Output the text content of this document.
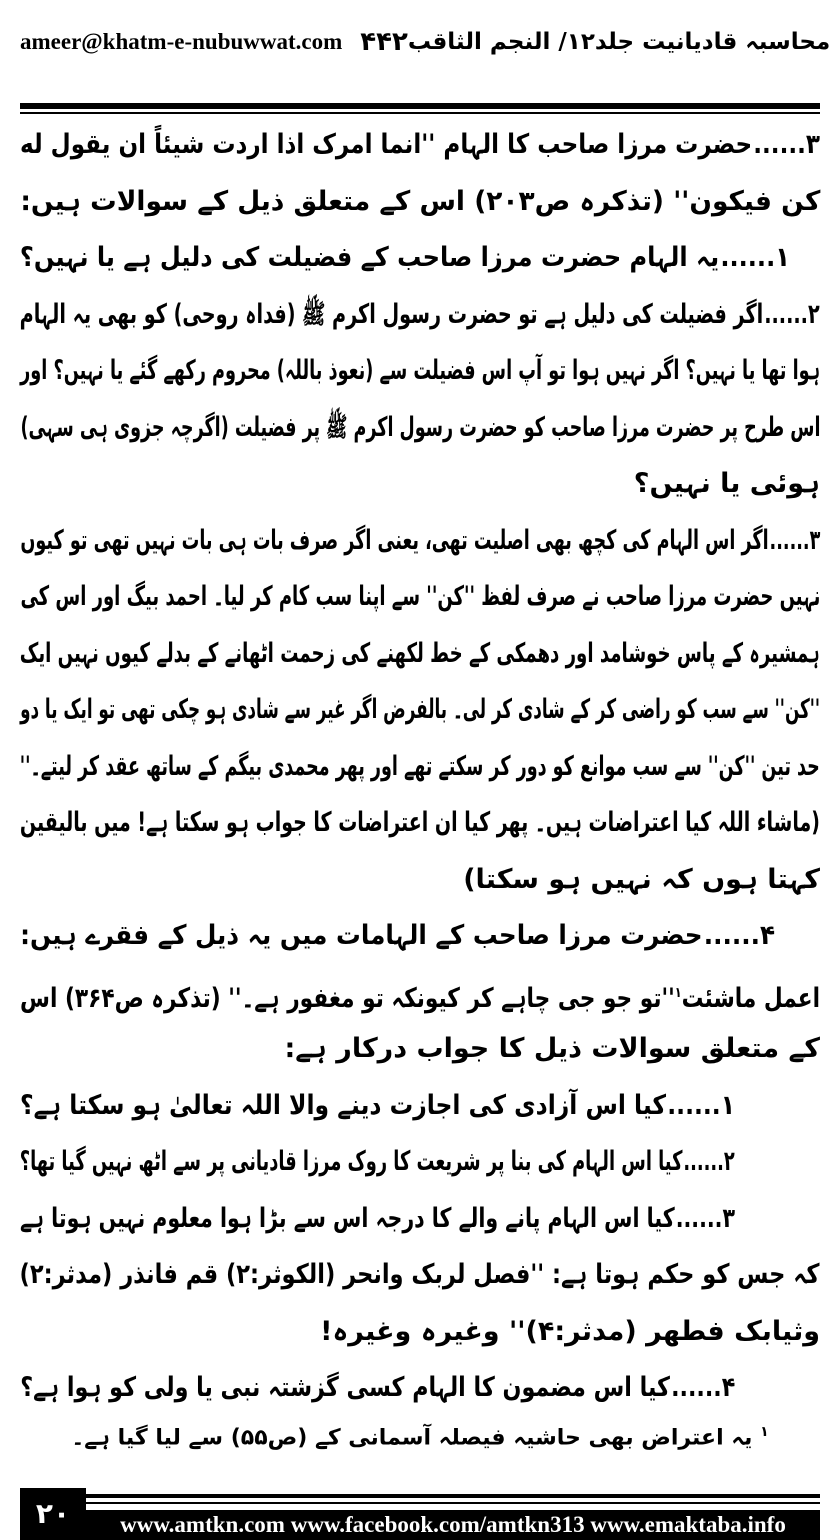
ameer@khatm-e-nubuwwat.com ۴۴۲ محاسبہ قادیانیت جلد۱۲/ النجم الثاقب
۳...... حضرت مرزا صاحب کا الہام ''انما امرک اذا اردت شیئاً ان یقول له
کن فیکون'' (تذکرہ ص۲۰۳) اس کے متعلق ذیل کے سوالات ہیں:
۱...... یہ الہام حضرت مرزا صاحب کے فضیلت کی دلیل ہے یا نہیں؟
۲...... اگر فضیلت کی دلیل ہے تو حضرت رسول اکرم ﷺ (فداہ روحی) کو بھی یہ الہام
ہوا تھا یا نہیں؟ اگر نہیں ہوا تو آپ اس فضیلت سے (نعوذ باللہ) محروم رکھے گئے یا نہیں؟ اور
اس طرح پر حضرت مرزا صاحب کو حضرت رسول اکرم ﷺ پر فضیلت (اگرچہ جزوی ہی سہی)
ہوئی یا نہیں؟
۳...... اگر اس الہام کی کچھ بھی اصلیت تھی، یعنی اگر صرف بات ہی بات نہیں تھی تو کیوں
نہیں حضرت مرزا صاحب نے صرف لفظ ''کن'' سے اپنا سب کام کر لیا۔ احمد بیگ اور اس کی
ہمشیرہ کے پاس خوشامد اور دھمکی کے خط لکھنے کی زحمت اٹھانے کے بدلے کیوں نہیں ایک
''کن'' سے سب کو راضی کر کے شادی کر لی۔ بالفرض اگر غیر سے شادی ہو چکی تھی تو ایک یا دو
حد تین ''کن'' سے سب موانع کو دور کر سکتے تھے اور پھر محمدی بیگم کے ساتھ عقد کر لیتے۔''
(ماشاء اللہ کیا اعتراضات ہیں۔ پھر کیا ان اعتراضات کا جواب ہو سکتا ہے! میں بالیقین
کہتا ہوں کہ نہیں ہو سکتا)
۴...... حضرت مرزا صاحب کے الہامات میں یہ ذیل کے فقرے ہیں:
اعمل ماشئت$^۱$''تو جو جی چاہے کر کیونکہ تو مغفور ہے۔'' (تذکرہ ص۳۶۴) اس
کے متعلق سوالات ذیل کا جواب درکار ہے:
۱...... کیا اس آزادی کی اجازت دینے والا اللہ تعالیٰ ہو سکتا ہے؟
۲...... کیا اس الہام کی بنا پر شریعت کا روک مرزا قادیانی پر سے اٹھ نہیں گیا تھا؟
۳...... کیا اس الہام پانے والے کا درجہ اس سے بڑا ہوا معلوم نہیں ہوتا ہے
کہ جس کو حکم ہوتا ہے: ''فصل لربک وانحر (الکوثر:۲) قم فانذر (مدثر:۲)
وثیابک فطهر (مدثر:۴)'' وغیرہ وغیرہ!
۴...... کیا اس مضمون کا الہام کسی گزشتہ نبی یا ولی کو ہوا ہے؟
$^۱$ یہ اعتراض بھی حاشیہ فیصلہ آسمانی کے (ص۵۵) سے لیا گیا ہے۔
۲۰	www.amtkn.com www.facebook.com/amtkn313 www.emaktaba.info
